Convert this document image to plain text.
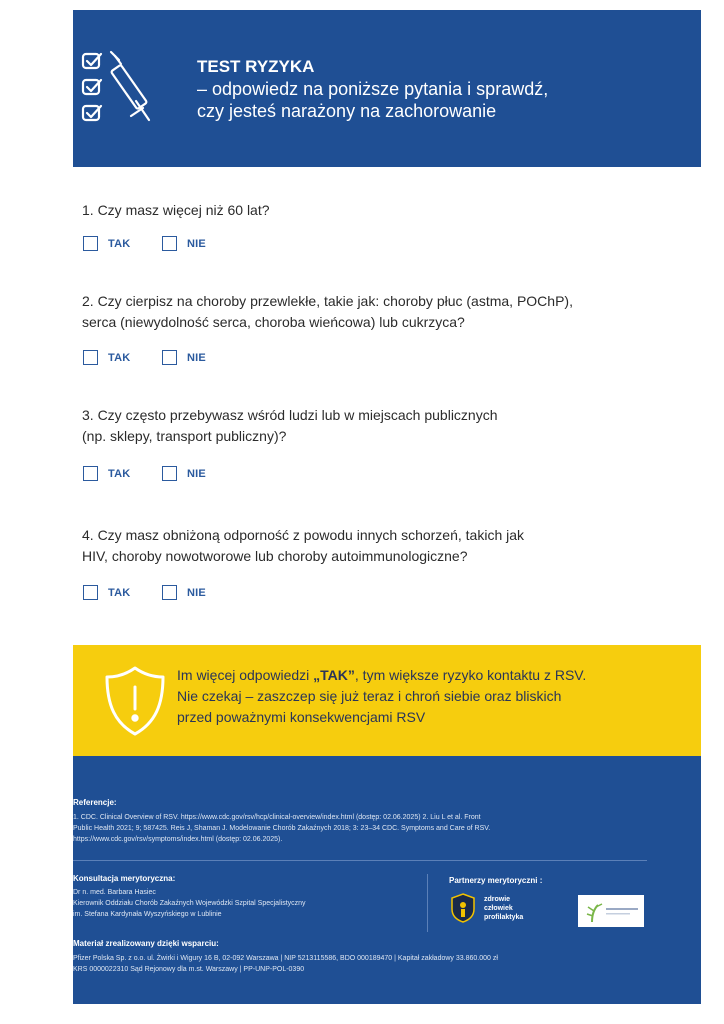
TEST RYZYKA
– odpowiedz na poniższe pytania i sprawdź,
czy jesteś narażony na zachorowanie
1. Czy masz więcej niż 60 lat?
TAK	NIE
2. Czy cierpisz na choroby przewlekłe, takie jak: choroby płuc (astma, POChP),
serca (niewydolność serca, choroba wieńcowa) lub cukrzyca?
TAK	NIE
3. Czy często przebywasz wśród ludzi lub w miejscach publicznych
(np. sklepy, transport publiczny)?
TAK	NIE
4. Czy masz obniżoną odporność z powodu innych schorzeń, takich jak
HIV, choroby nowotworowe lub choroby autoimmunologiczne?
TAK	NIE
Im więcej odpowiedzi „TAK”, tym większe ryzyko kontaktu z RSV.
Nie czekaj – zaszczep się już teraz i chroń siebie oraz bliskich
przed poważnymi konsekwencjami RSV
Referencje:
1. CDC. Clinical Overview of RSV. https://www.cdc.gov/rsv/hcp/clinical-overview/index.html (dostęp: 02.06.2025) 2. Liu L et al. Front
Public Health 2021; 9; 587425. Reis J, Shaman J. Modelowanie Chorób Zakaźnych 2018; 3: 23–34 CDC. Symptoms and Care of RSV.
https://www.cdc.gov/rsv/symptoms/index.html (dostęp: 02.06.2025).
Konsultacja merytoryczna:
Dr n. med. Barbara Hasiec
Kierownik Oddziału Chorób Zakaźnych Wojewódzki Szpital Specjalistyczny
im. Stefana Kardynała Wyszyńskiego w Lublinie
Partnerzy merytoryczni :
zdrowie
człowiek
profilaktyka
Materiał zrealizowany dzięki wsparciu:
Pfizer Polska Sp. z o.o. ul. Żwirki i Wigury 16 B, 02-092 Warszawa | NIP 5213115586, BDO 000189470 | Kapitał zakładowy 33.860.000 zł
KRS 0000022310 Sąd Rejonowy dla m.st. Warszawy | PP-UNP-POL-0390
